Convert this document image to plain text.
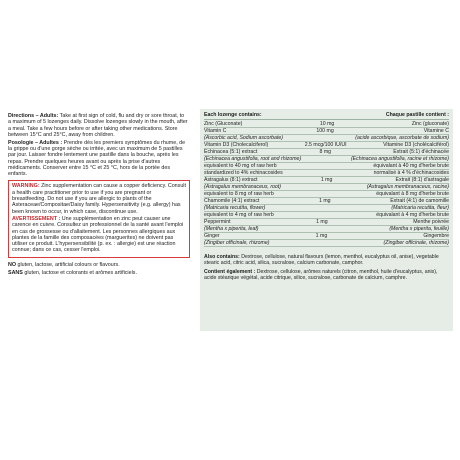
Directions – Adults: Take at first sign of cold, flu and dry or sore throat, to a maximum of 5 lozenges daily. Dissolve lozenges slowly in the mouth, after a meal. Take a few hours before or after taking other medications. Store between 15°C and 25°C, away from children.

Posologie – Adultes : Prendre dès les premiers symptômes du rhume, de la grippe ou d'une gorge sèche ou irritée, avec un maximum de 5 pastilles par jour. Laisser fondre lentement une pastille dans la bouche, après les repas. Prendre quelques heures avant ou après la prise d'autres médicaments. Conserver entre 15 °C et 25 °C, hors de la portée des enfants.

WARNING: Zinc supplementation can cause a copper deficiency. Consult a health care practitioner prior to use if you are pregnant or breastfeeding. Do not use if you are allergic to plants of the Asteraceae/Compositae/Daisy family. Hypersensitivity (e.g. allergy) has been known to occur, in which case, discontinue use.

AVERTISSEMENT : Une supplémentation en zinc peut causer une carence en cuivre. Consultez un professionnel de la santé avant l'emploi en cas de grossesse ou d'allaitement. Les personnes allergiques aux plantes de la famille des composacées (marguerites) ne doivent pas utiliser ce produit. L'hypersensibilité (p. ex. : allergie) est une réaction connue; dans ce cas, cesser l'emploi.

NO gluten, lactose, artificial colours or flavours.

SANS gluten, lactose et colorants et arômes artificiels.

Each lozenge contains:	Chaque pastille contient :
Zinc (Gluconate)	10 mg	Zinc (gluconate)
Vitamin C	100 mg	Vitamine C
(Ascorbic acid, Sodium ascorbate)	(acide ascorbique, ascorbate de sodium)
Vitamin D3 (Cholecalciferol)	2.5 mcg/100 IU/UI	Vitamine D3 (cholécalciférol)
Echinacea (5:1) extract	8 mg	Extrait (5:1) d'échinacée
(Echinacea angustifolia, root and rhizome)	(Echinacea angustifolia, racine et rhizome)
equivalent to 40 mg of raw herb	équivalant à 40 mg d'herbe brute
standardized to 4% echinacosides	normalisé à 4 % d'échinacosides
Astragalus (8:1) extract	1 mg	Extrait (8:1) d'astragale
(Astragalus membranaceus, root)	(Astragalus membranaceus, racine)
equivalent to 8 mg of raw herb	équivalant à 8 mg d'herbe brute
Chamomile (4:1) extract	1 mg	Extrait (4:1) de camomille
(Matricaria recutita, flower)	(Matricaria recutita, fleur)
equivalent to 4 mg of raw herb	équivalant à 4 mg d'herbe brute
Peppermint	1 mg	Menthe poivrée
(Mentha x piperita, leaf)	(Mentha x piperita, feuille)
Ginger	1 mg	Gingembre
(Zingiber officinale, rhizome)	(Zingiber officinale, rhizome)

Also contains: Dextrose, cellulose, natural flavours (lemon, menthol, eucalyptus oil, anise), vegetable stearic acid, citric acid, silica, sucralose, calcium carbonate, camphor.

Contient également : Dextrose, cellulose, arômes naturels (citron, menthol, huile d'eucalyptus, anis), acide stéarique végétal, acide citrique, silice, sucralose, carbonate de calcium, camphre.
